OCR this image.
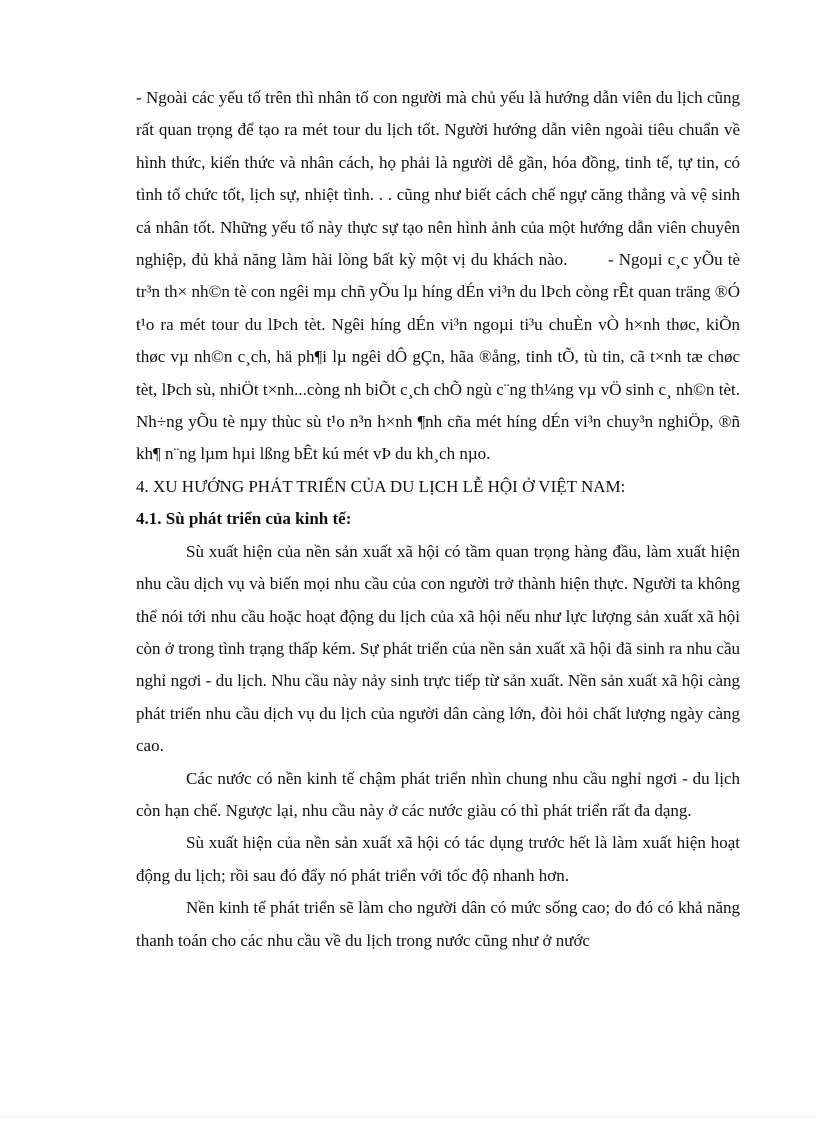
- Ngoài các yếu tố trên thì nhân tố con người mà chủ yếu là hướng dẫn viên du lịch cũng rất quan trọng để tạo ra mét tour du lịch tốt. Người hướng dẫn viên ngoài tiêu chuẩn về hình thức, kiến thức và nhân cách, họ phải là người dễ gần, hóa đồng, tinh tế, tự tin, có tình tổ chức tốt, lịch sự, nhiệt tình. . . cũng như biết cách chế ngự căng thẳng và vệ sinh cá nhân tốt. Những yếu tố này thực sự tạo nên hình ảnh của một hướng dẫn viên chuyên nghiệp, đủ khả năng làm hài lòng bất kỳ một vị du khách nào. - Ngoµi c¸c yÕu tè tr³n th× nh©n tè con ngêi mµ chñ yÕu lµ híng dÉn vi³n du lÞch còng rÊt quan träng ®Ó t¹o ra mét tour du lÞch tèt. Ngêi híng dÉn vi³n ngoµi ti³u chuÈn vÒ h×nh thøc, kiÕn thøc vµ nh©n c¸ch, hä ph¶i lµ ngêi dÔ gÇn, hãa ®ång, tinh tÕ, tù tin, cã t×nh tæ chøc tèt, lÞch sù, nhiÖt t×nh...còng nh biÕt c¸ch chÕ ngù c¨ng th¼ng vµ vÖ sinh c¸ nh©n tèt. Nh÷ng yÕu tè nµy thùc sù t¹o n³n h×nh ¶nh cña mét híng dÉn vi³n chuy³n nghiÖp, ®ñ kh¶ n¨ng lµm hµi lßng bÊt kú mét vÞ du kh¸ch nµo.

4. XU HƯỚNG PHÁT TRIỂN CỦA DU LỊCH LỄ HỘI Ở VIỆT NAM:

4.1. Sù phát triển của kinh tế:

Sù xuất hiện của nền sản xuất xã hội có tầm quan trọng hàng đầu, làm xuất hiện nhu cầu dịch vụ và biến mọi nhu cầu của con người trở thành hiện thực. Người ta không thể nói tới nhu cầu hoặc hoạt động du lịch của xã hội nếu như lực lượng sản xuất xã hội còn ở trong tình trạng thấp kém. Sự phát triển của nền sản xuất xã hội đã sinh ra nhu cầu nghỉ ngơi - du lịch. Nhu cầu này nảy sinh trực tiếp từ sản xuất. Nền sản xuất xã hội càng phát triển nhu cầu dịch vụ du lịch của người dân càng lớn, đòi hỏi chất lượng ngày càng cao.

Các nước có nền kinh tế chậm phát triển nhìn chung nhu cầu nghỉ ngơi - du lịch còn hạn chế. Ngược lại, nhu cầu này ở các nước giàu có thì phát triển rất đa dạng.

Sù xuất hiện của nền sản xuất xã hội có tác dụng trước hết là làm xuất hiện hoạt động du lịch; rồi sau đó đẩy nó phát triển với tốc độ nhanh hơn.

Nền kinh tế phát triển sẽ làm cho người dân có mức sống cao; do đó có khả năng thanh toán cho các nhu cầu về du lịch trong nước cũng như ở nước
